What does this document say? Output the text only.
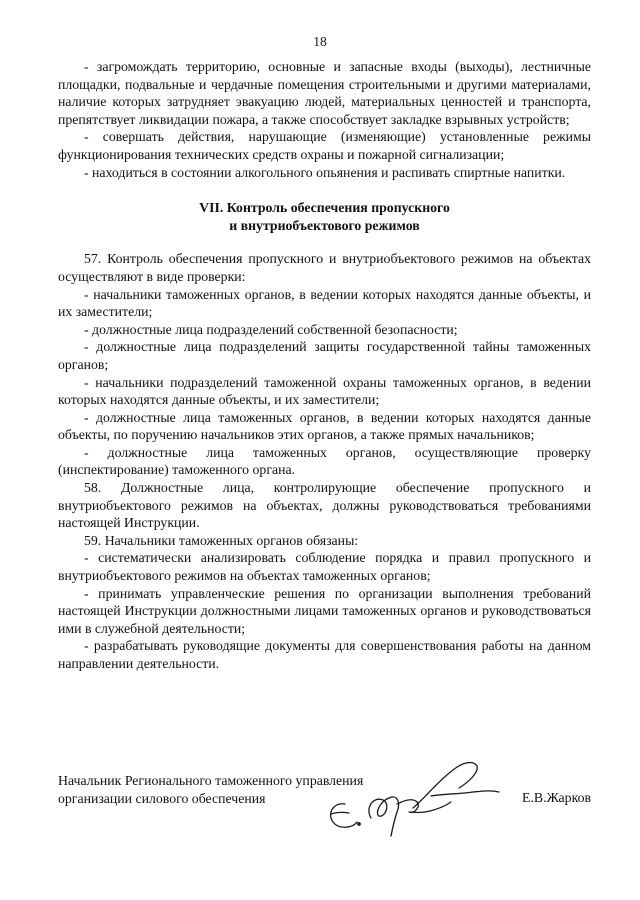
18

- загромождать территорию, основные и запасные входы (выходы), лестничные площадки, подвальные и чердачные помещения строительными и другими материалами, наличие которых затрудняет эвакуацию людей, материальных ценностей и транспорта, препятствует ликвидации пожара, а также способствует закладке взрывных устройств;

- совершать действия, нарушающие (изменяющие) установленные режимы функционирования технических средств охраны и пожарной сигнализации;

- находиться в состоянии алкогольного опьянения и распивать спиртные напитки.

VII. Контроль обеспечения пропускного
и внутриобъектового режимов

57. Контроль обеспечения пропускного и внутриобъектового режимов на объектах осуществляют в виде проверки:

- начальники таможенных органов, в ведении которых находятся данные объекты, и их заместители;

- должностные лица подразделений собственной безопасности;

- должностные лица подразделений защиты государственной тайны таможенных органов;

- начальники подразделений таможенной охраны таможенных органов, в ведении которых находятся данные объекты, и их заместители;

- должностные лица таможенных органов, в ведении которых находятся данные объекты, по поручению начальников этих органов, а также прямых начальников;

- должностные лица таможенных органов, осуществляющие проверку (инспектирование) таможенного органа.

58. Должностные лица, контролирующие обеспечение пропускного и внутриобъектового режимов на объектах, должны руководствоваться требованиями настоящей Инструкции.

59. Начальники таможенных органов обязаны:

- систематически анализировать соблюдение порядка и правил пропускного и внутриобъектового режимов на объектах таможенных органов;

- принимать управленческие решения по организации выполнения требований настоящей Инструкции должностными лицами таможенных органов и руководствоваться ими в служебной деятельности;

- разрабатывать руководящие документы для совершенствования работы на данном направлении деятельности.

Начальник Регионального таможенного управления
организации силового обеспечения	Е.В.Жарков
